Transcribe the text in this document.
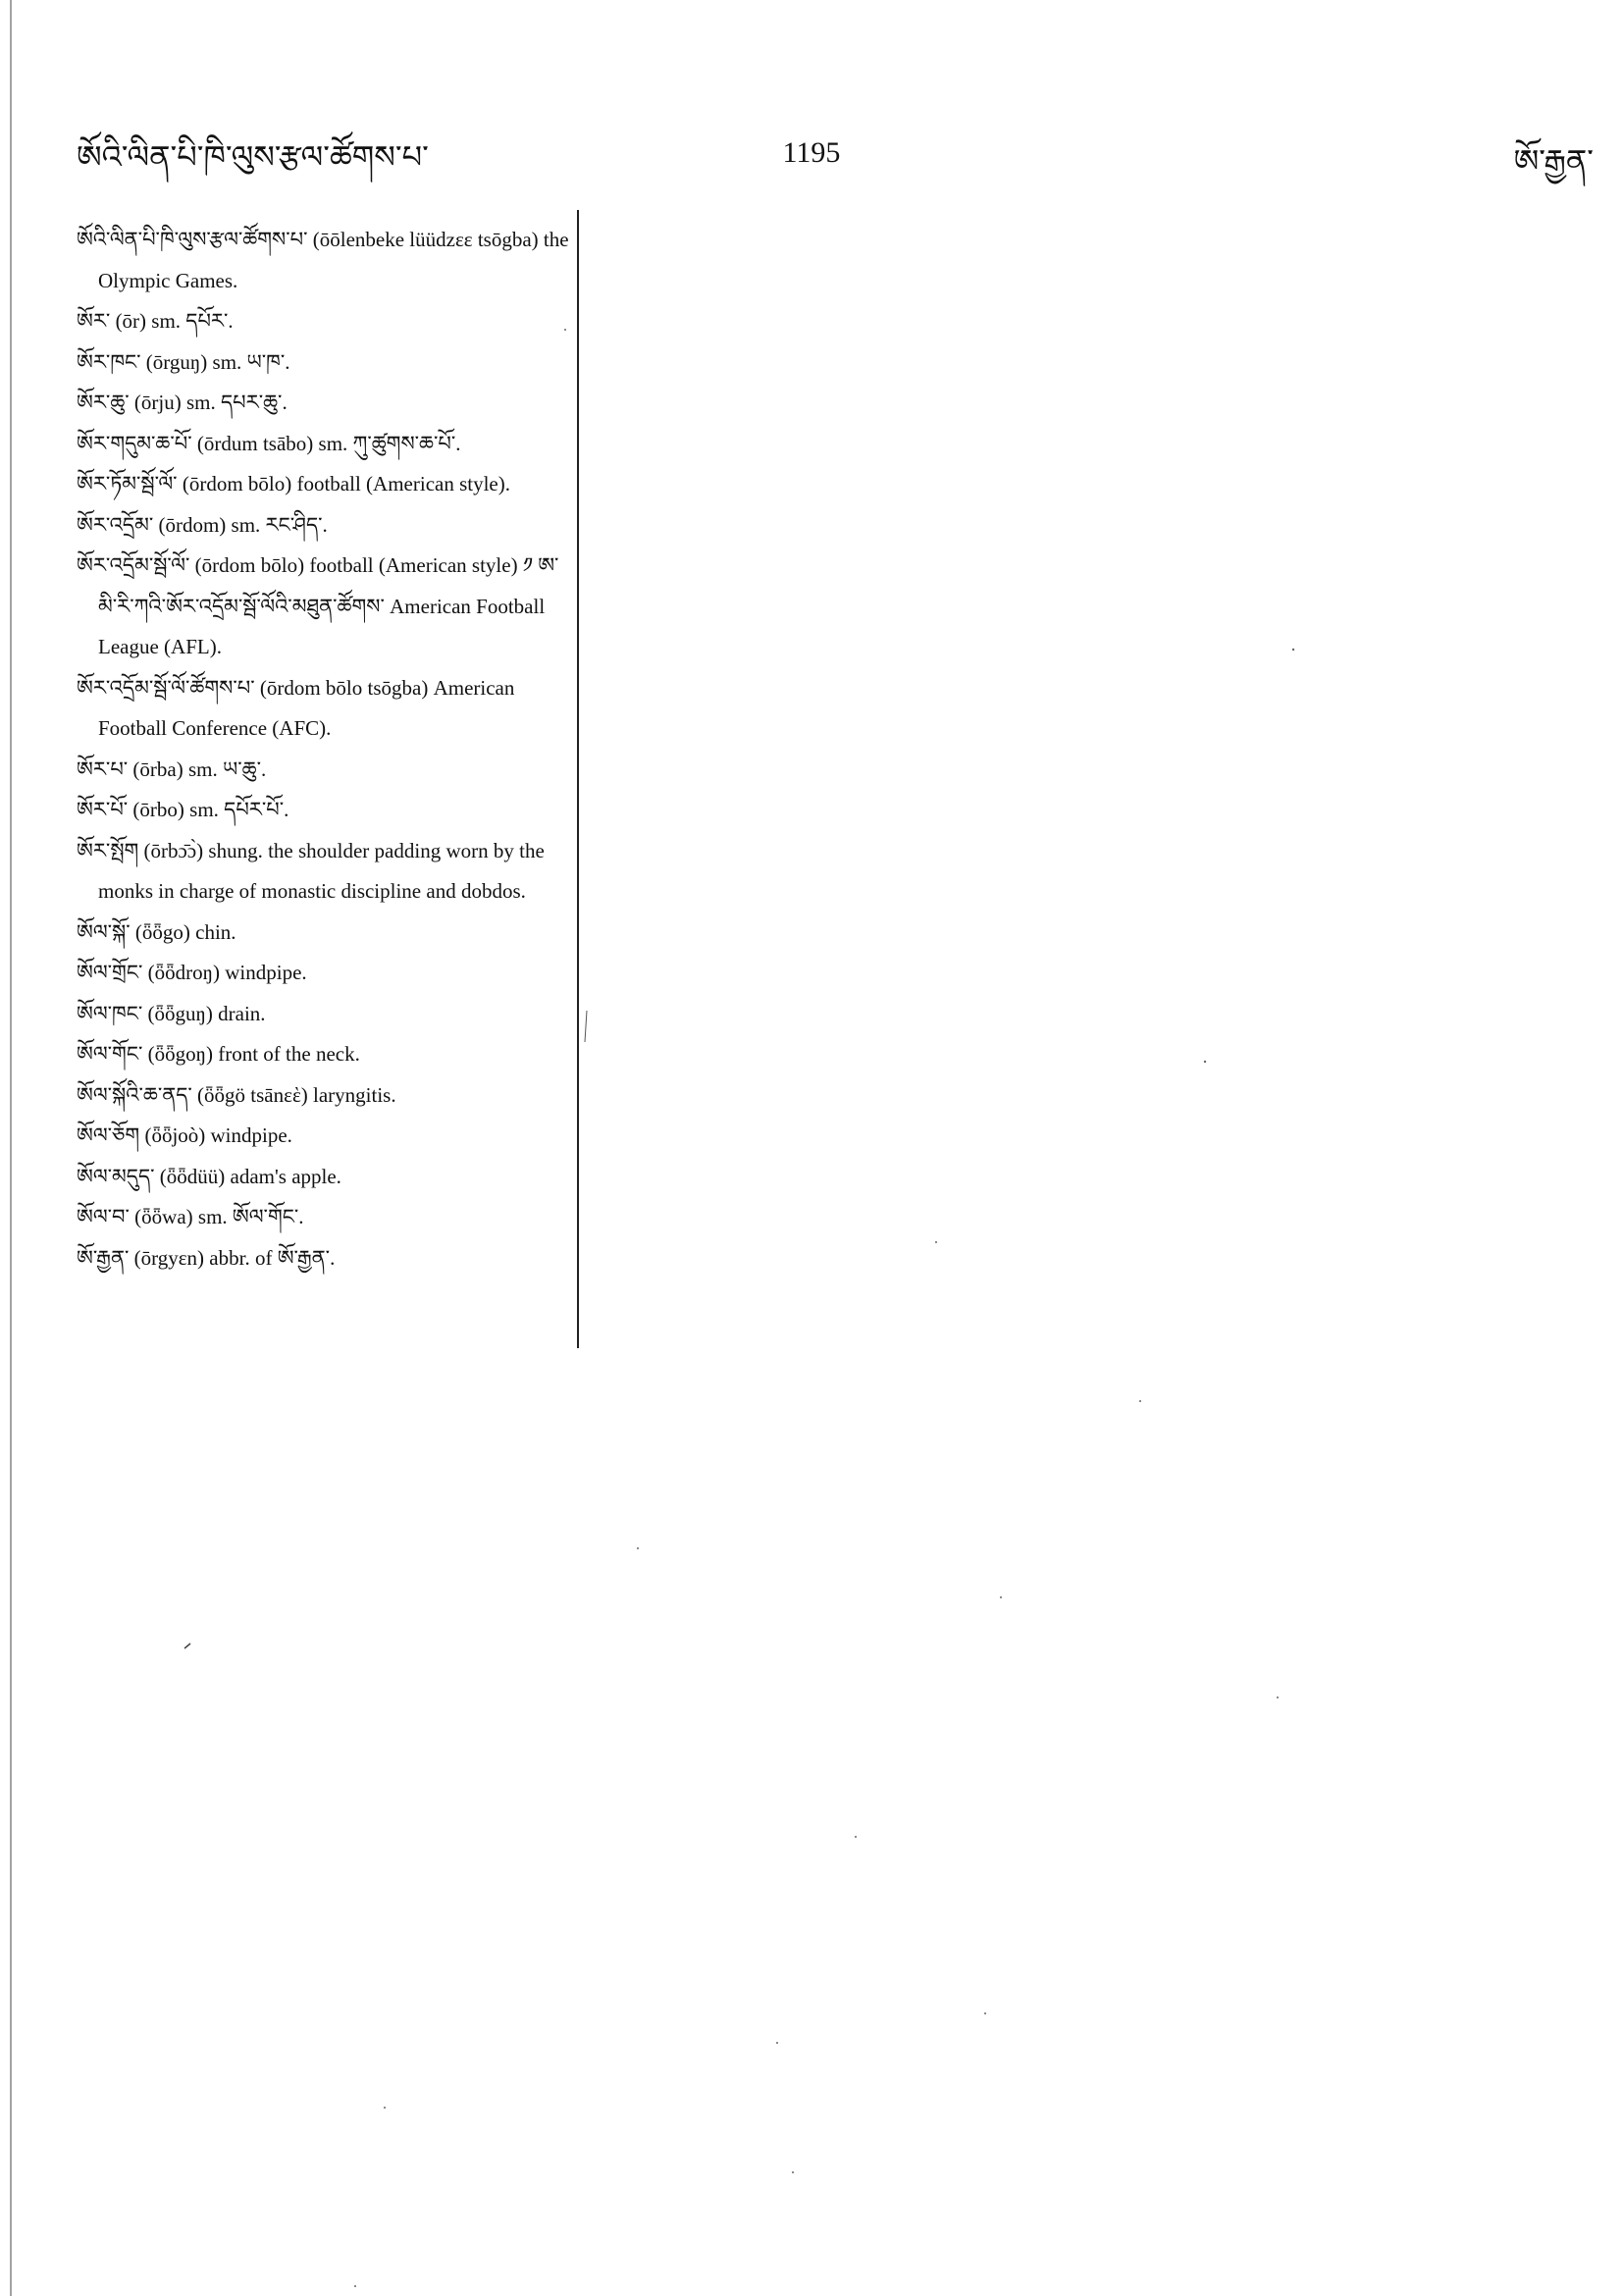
ཨོའི་ལིན་པི་ཁི་ལུས་རྩལ་ཚོགས་པ་	1195	ཨོ་རྒྱན་

ཨོའི་ལིན་པི་ཁི་ལུས་རྩལ་ཚོགས་པ་ (ōōlenbeke lüüdzεε tsōgba) the Olympic Games.

ཨོར་ (ōr) sm. དཔོར་.

ཨོར་ཁང་ (ōrguŋ) sm. ཡ་ཁ་.

ཨོར་ཆུ་ (ōrju) sm. དཔར་ཆུ་.

ཨོར་གདུམ་ཆ་པོ་ (ōrdum tsābo) sm. ཀུ་ཚུགས་ཆ་པོ་.

ཨོར་ཏོམ་སྦོ་ལོ་ (ōrdom bōlo) football (American style).

ཨོར་འདྲོམ་ (ōrdom) sm. རང་ཤིད་.

ཨོར་འདྲོམ་སྦོ་ལོ་ (ōrdom bōlo) football (American style) ༡ ཨ་མི་རི་ཀའི་ཨོར་འདྲོམ་སྦོ་ལོའི་མཐུན་ཚོགས་ American Football League (AFL).

ཨོར་འདྲོམ་སྦོ་ལོ་ཚོགས་པ་ (ōrdom bōlo tsōgba) American Football Conference (AFC).

ཨོར་པ་ (ōrba) sm. ཡ་ཆུ་.

ཨོར་པོ་ (ōrbo) sm. དཔོར་པོ་.

ཨོར་སྤོག (ōrbɔ̄ɔ̀) shung. the shoulder padding worn by the monks in charge of monastic discipline and dobdos.

ཨོལ་སྐོ་ (ȫȫgo) chin.

ཨོལ་གྲོང་ (ȫȫdroŋ) windpipe.

ཨོལ་ཁང་ (ȫȫguŋ) drain.

ཨོལ་གོང་ (ȫȫgoŋ) front of the neck.

ཨོལ་སྐོའི་ཆ་ནད་ (ȫȫgö tsānεὲ) laryngitis.

ཨོལ་ཅོག (ȫȫjoò) windpipe.

ཨོལ་མདུད་ (ȫȫdüü) adam's apple.

ཨོལ་བ་ (ȫȫwa) sm. ཨོལ་གོང་.

ཨོ་རྒྱན་ (ōrgyεn) abbr. of ཨོ་རྒྱན་.
